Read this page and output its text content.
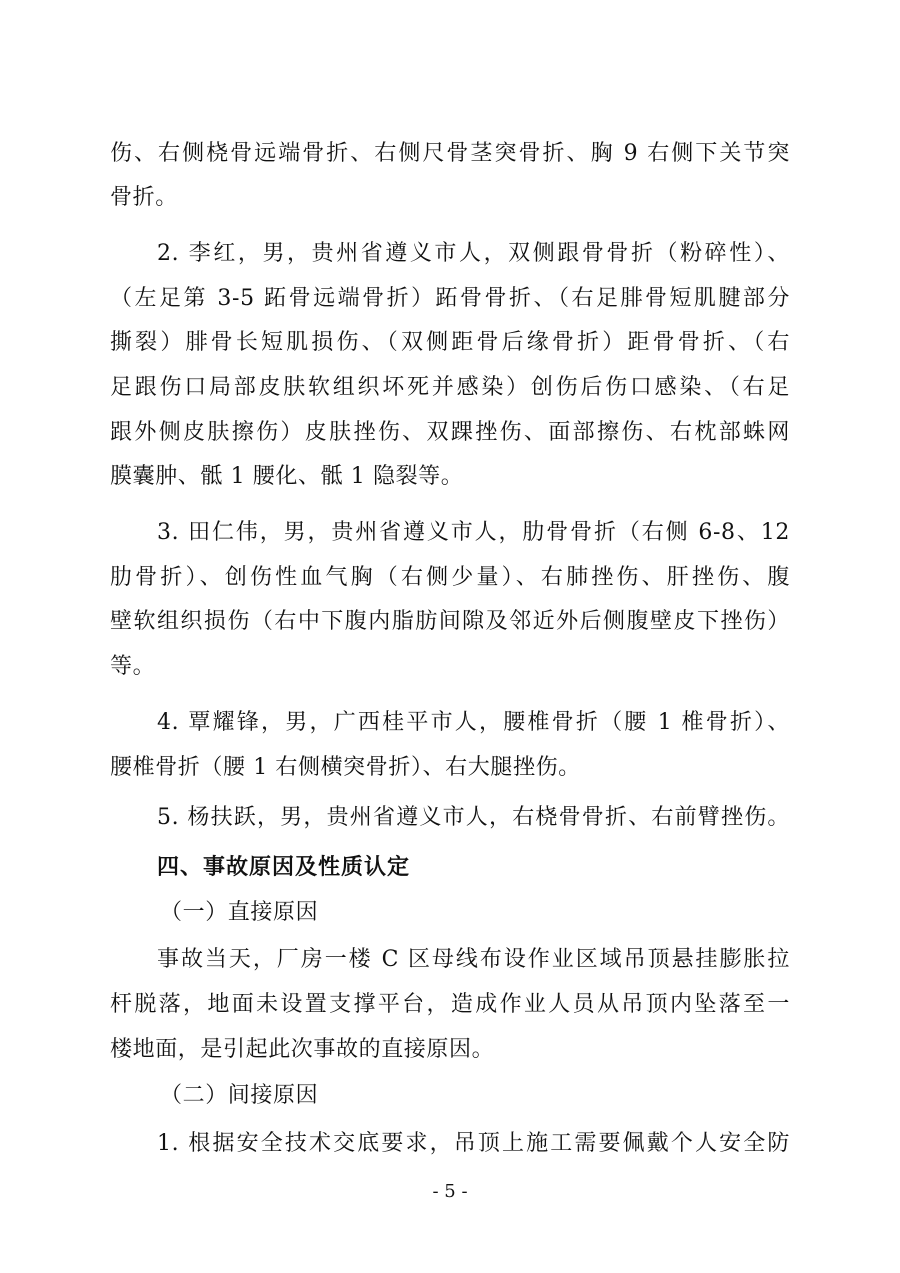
伤、右侧桡骨远端骨折、右侧尺骨茎突骨折、胸 9 右侧下关节突
骨折。
2. 李红，男，贵州省遵义市人，双侧跟骨骨折（粉碎性）、
（左足第 3-5 跖骨远端骨折）跖骨骨折、（右足腓骨短肌腱部分
撕裂）腓骨长短肌损伤、（双侧距骨后缘骨折）距骨骨折、（右
足跟伤口局部皮肤软组织坏死并感染）创伤后伤口感染、（右足
跟外侧皮肤擦伤）皮肤挫伤、双踝挫伤、面部擦伤、右枕部蛛网
膜囊肿、骶 1 腰化、骶 1 隐裂等。
3. 田仁伟，男，贵州省遵义市人，肋骨骨折（右侧 6-8、12
肋骨折）、创伤性血气胸（右侧少量）、右肺挫伤、肝挫伤、腹
壁软组织损伤（右中下腹内脂肪间隙及邻近外后侧腹壁皮下挫伤）
等。
4. 覃耀锋，男，广西桂平市人，腰椎骨折（腰 1 椎骨折）、
腰椎骨折（腰 1 右侧横突骨折）、右大腿挫伤。
5. 杨扶跃，男，贵州省遵义市人，右桡骨骨折、右前臂挫伤。
四、事故原因及性质认定
（一）直接原因
事故当天，厂房一楼 C 区母线布设作业区域吊顶悬挂膨胀拉
杆脱落，地面未设置支撑平台，造成作业人员从吊顶内坠落至一
楼地面，是引起此次事故的直接原因。
（二）间接原因
1. 根据安全技术交底要求，吊顶上施工需要佩戴个人安全防
- 5 -
